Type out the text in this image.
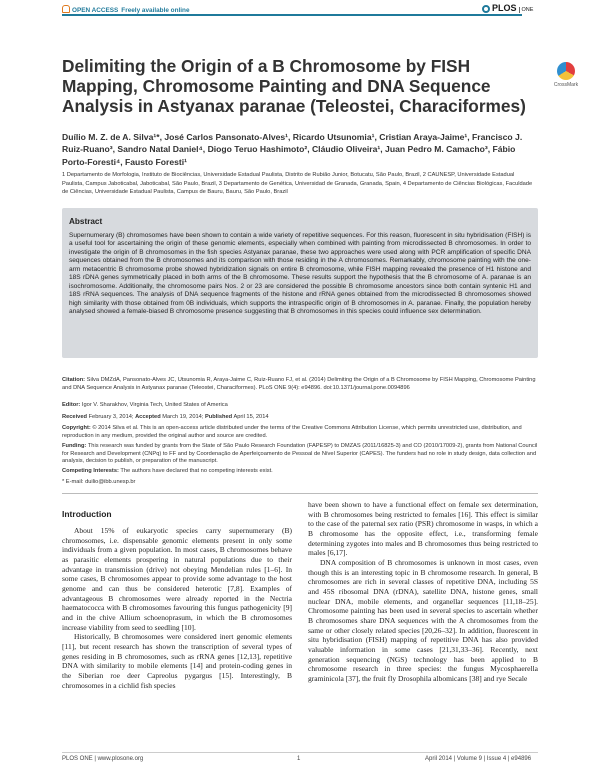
OPEN ACCESS Freely available online	PLOS ONE
Delimiting the Origin of a B Chromosome by FISH Mapping, Chromosome Painting and DNA Sequence Analysis in Astyanax paranae (Teleostei, Characiformes)
CrossMark
Duílio M. Z. de A. Silva¹*, José Carlos Pansonato-Alves¹, Ricardo Utsunomia¹, Cristian Araya-Jaime¹, Francisco J. Ruiz-Ruano³, Sandro Natal Daniel⁴, Diogo Teruo Hashimoto², Cláudio Oliveira¹, Juan Pedro M. Camacho³, Fábio Porto-Foresti⁴, Fausto Foresti¹
1 Departamento de Morfologia, Instituto de Biociências, Universidade Estadual Paulista, Distrito de Rubião Junior, Botucatu, São Paulo, Brazil, 2 CAUNESP, Universidade Estadual Paulista, Campus Jaboticabal, Jaboticabal, São Paulo, Brazil, 3 Departamento de Genética, Universidad de Granada, Granada, Spain, 4 Departamento de Ciências Biológicas, Faculdade de Ciências, Universidade Estadual Paulista, Campus de Bauru, Bauru, São Paulo, Brazil
Abstract
Supernumerary (B) chromosomes have been shown to contain a wide variety of repetitive sequences. For this reason, fluorescent in situ hybridisation (FISH) is a useful tool for ascertaining the origin of these genomic elements, especially when combined with painting from microdissected B chromosomes. In order to investigate the origin of B chromosomes in the fish species Astyanax paranae, these two approaches were used along with PCR amplification of specific DNA sequences obtained from the B chromosomes and its comparison with those residing in the A chromosomes. Remarkably, chromosome painting with the one-arm metacentric B chromosome probe showed hybridization signals on entire B chromosome, while FISH mapping revealed the presence of H1 histone and 18S rDNA genes symmetrically placed in both arms of the B chromosome. These results support the hypothesis that the B chromosome of A. paranae is an isochromosome. Additionally, the chromosome pairs Nos. 2 or 23 are considered the possible B chromosome ancestors since both contain syntenic H1 and 18S rRNA sequences. The analysis of DNA sequence fragments of the histone and rRNA genes obtained from the microdissected B chromosomes showed high similarity with those obtained from 0B individuals, which supports the intraspecific origin of B chromosomes in A. paranae. Finally, the population hereby analysed showed a female-biased B chromosome presence suggesting that B chromosomes in this species could influence sex determination.
Citation: Silva DMZdA, Pansonato-Alves JC, Utsunomia R, Araya-Jaime C, Ruiz-Ruano FJ, et al. (2014) Delimiting the Origin of a B Chromosome by FISH Mapping, Chromosome Painting and DNA Sequence Analysis in Astyanax paranae (Teleostei, Characiformes). PLoS ONE 9(4): e94896. doi:10.1371/journal.pone.0094896
Editor: Igor V. Sharakhov, Virginia Tech, United States of America
Received February 3, 2014; Accepted March 19, 2014; Published April 15, 2014
Copyright: © 2014 Silva et al. This is an open-access article distributed under the terms of the Creative Commons Attribution License, which permits unrestricted use, distribution, and reproduction in any medium, provided the original author and source are credited.
Funding: This research was funded by grants from the State of São Paulo Research Foundation (FAPESP) to DMZAS (2011/16825-3) and CO (2010/17009-2), grants from National Council for Research and Development (CNPq) to FF and by Coordenação de Aperfeiçoamento de Pessoal de Nível Superior (CAPES). The funders had no role in study design, data collection and analysis, decision to publish, or preparation of the manuscript.
Competing Interests: The authors have declared that no competing interests exist.
* E-mail: duilio@ibb.unesp.br
Introduction

About 15% of eukaryotic species carry supernumerary (B) chromosomes, i.e. dispensable genomic elements present in only some individuals from a given population. In most cases, B chromosomes behave as parasitic elements prospering in natural populations due to their advantage in transmission (drive) not obeying Mendelian rules [1–6]. In some cases, B chromosomes appear to provide some advantage to the host genome and can thus be considered heterotic [7,8]. Examples of advantageous B chromosomes were already reported in the Nectria haematococca with B chromosomes favouring this fungus pathogenicity [9] and in the chive Allium schoenoprasum, in which the B chromosomes increase viability from seed to seedling [10].

Historically, B chromosomes were considered inert genomic elements [11], but recent research has shown the transcription of several types of genes residing in B chromosomes, such as rRNA genes [12,13], repetitive DNA with similarity to mobile elements [14] and protein-coding genes in the Siberian roe deer Capreolus pygargus [15]. Interestingly, B chromosomes in a cichlid fish species

have been shown to have a functional effect on female sex determination, with B chromosomes being restricted to females [16]. This effect is similar to the case of the paternal sex ratio (PSR) chromosome in wasps, in which a B chromosome has the opposite effect, i.e., transforming female determining zygotes into males and B chromosomes thus being restricted to males [6,17].

DNA composition of B chromosomes is unknown in most cases, even though this is an interesting topic in B chromosome research. In general, B chromosomes are rich in several classes of repetitive DNA, including 5S and 45S ribosomal DNA (rDNA), satellite DNA, histone genes, small nuclear DNA, mobile elements, and organellar sequences [11,18–25]. Chromosome painting has been used in several species to ascertain whether B chromosomes share DNA sequences with the A chromosomes from the same or other closely related species [20,26–32]. In addition, fluorescent in situ hybridisation (FISH) mapping of repetitive DNA has also provided valuable information in some cases [21,31,33–36]. Recently, next generation sequencing (NGS) technology has been applied to B chromosome research in three species: the fungus Mycosphaerella graminicola [37], the fruit fly Drosophila albomicans [38] and rye Secale

PLOS ONE | www.plosone.org	1	April 2014 | Volume 9 | Issue 4 | e94896
